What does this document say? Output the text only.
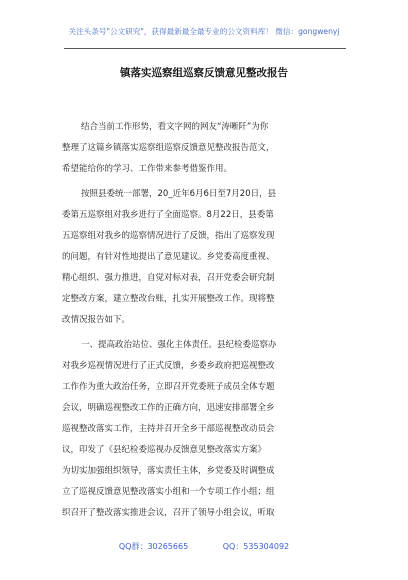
关注头条号"公文研究"，获得最新最全最专业的公文资料库！ 微信：gongwenyj
镇落实巡察组巡察反馈意见整改报告
结合当前工作形势，看文字网的网友“涛晰阡”为你
整理了这篇乡镇落实巡察组巡察反馈意见整改报告范文，
希望能给你的学习、工作带来参考借鉴作用。
按照县委统一部署，20_近年6月6日至7月20日，县
委第五巡察组对我乡进行了全面巡察。8月22日，县委第
五巡察组对我乡的巡察情况进行了反馈，指出了巡察发现
的问题，有针对性地提出了意见建议。乡党委高度重视、
精心组织、强力推进，自觉对标对表，召开党委会研究制
定整改方案，建立整改台账，扎实开展整改工作。现将整
改情况报告如下。
一、提高政治站位、强化主体责任。县纪检委巡察办
对我乡巡视情况进行了正式反馈，乡委乡政府把巡视整改
工作作为重大政治任务，立即召开党委班子成员全体专题
会议，明确巡视整改工作的正确方向，迅速安排部署全乡
巡视整改落实工作，主持并召开全乡干部巡视整改动员会
议，印发了《县纪检委巡视办反馈意见整改落实方案》
为切实加强组织领导，落实责任主体，乡党委及时调整成
立了巡视反馈意见整改落实小组和一个专项工作小组；组
织召开了整改落实推进会议，召开了领导小组会议，听取
QQ群：30265665	QQ：535304092
